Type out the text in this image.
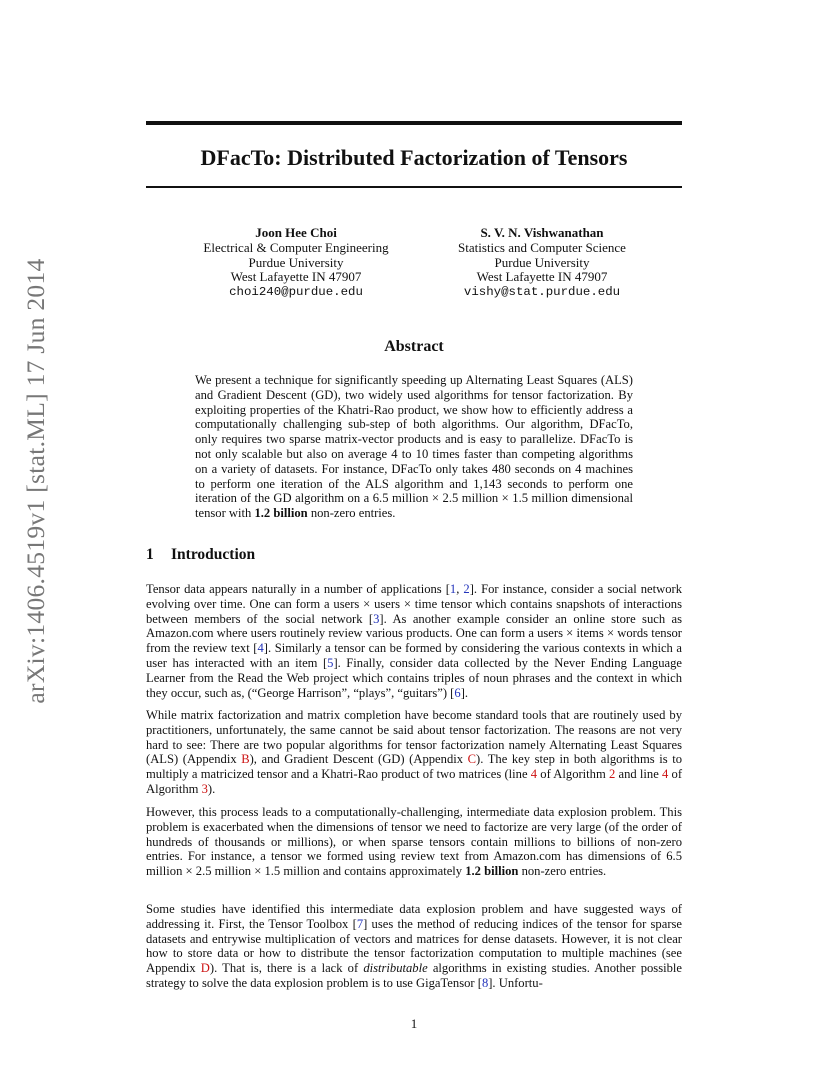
arXiv:1406.4519v1 [stat.ML] 17 Jun 2014
DFacTo: Distributed Factorization of Tensors
Joon Hee Choi
Electrical & Computer Engineering
Purdue University
West Lafayette IN 47907
choi240@purdue.edu
S. V. N. Vishwanathan
Statistics and Computer Science
Purdue University
West Lafayette IN 47907
vishy@stat.purdue.edu
Abstract

We present a technique for significantly speeding up Alternating Least Squares (ALS) and Gradient Descent (GD), two widely used algorithms for tensor factorization. By exploiting properties of the Khatri-Rao product, we show how to efficiently address a computationally challenging sub-step of both algorithms. Our algorithm, DFacTo, only requires two sparse matrix-vector products and is easy to parallelize. DFacTo is not only scalable but also on average 4 to 10 times faster than competing algorithms on a variety of datasets. For instance, DFacTo only takes 480 seconds on 4 machines to perform one iteration of the ALS algorithm and 1,143 seconds to perform one iteration of the GD algorithm on a 6.5 million × 2.5 million × 1.5 million dimensional tensor with 1.2 billion non-zero entries.

1 Introduction

Tensor data appears naturally in a number of applications [1, 2]. For instance, consider a social network evolving over time. One can form a users × users × time tensor which contains snapshots of interactions between members of the social network [3]. As another example consider an online store such as Amazon.com where users routinely review various products. One can form a users × items × words tensor from the review text [4]. Similarly a tensor can be formed by considering the various contexts in which a user has interacted with an item [5]. Finally, consider data collected by the Never Ending Language Learner from the Read the Web project which contains triples of noun phrases and the context in which they occur, such as, (“George Harrison”, “plays”, “guitars”) [6].

While matrix factorization and matrix completion have become standard tools that are routinely used by practitioners, unfortunately, the same cannot be said about tensor factorization. The reasons are not very hard to see: There are two popular algorithms for tensor factorization namely Alternating Least Squares (ALS) (Appendix B), and Gradient Descent (GD) (Appendix C). The key step in both algorithms is to multiply a matricized tensor and a Khatri-Rao product of two matrices (line 4 of Algorithm 2 and line 4 of Algorithm 3).

However, this process leads to a computationally-challenging, intermediate data explosion problem. This problem is exacerbated when the dimensions of tensor we need to factorize are very large (of the order of hundreds of thousands or millions), or when sparse tensors contain millions to billions of non-zero entries. For instance, a tensor we formed using review text from Amazon.com has dimensions of 6.5 million × 2.5 million × 1.5 million and contains approximately 1.2 billion non-zero entries.

Some studies have identified this intermediate data explosion problem and have suggested ways of addressing it. First, the Tensor Toolbox [7] uses the method of reducing indices of the tensor for sparse datasets and entrywise multiplication of vectors and matrices for dense datasets. However, it is not clear how to store data or how to distribute the tensor factorization computation to multiple machines (see Appendix D). That is, there is a lack of distributable algorithms in existing studies. Another possible strategy to solve the data explosion problem is to use GigaTensor [8]. Unfortu-

1
